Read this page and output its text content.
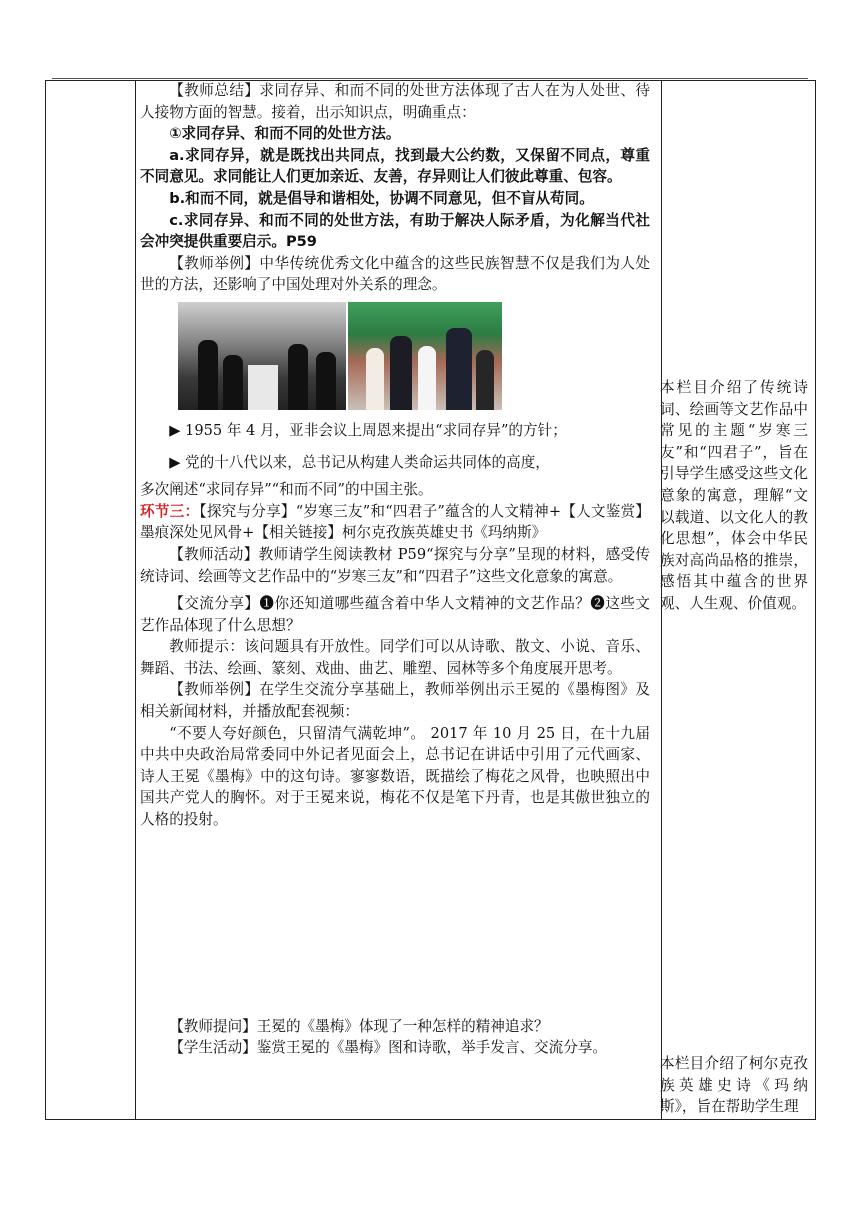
【教师总结】求同存异、和而不同的处世方法体现了古人在为人处世、待人接物方面的智慧。接着，出示知识点，明确重点：

①求同存异、和而不同的处世方法。

a.求同存异，就是既找出共同点，找到最大公约数，又保留不同点，尊重不同意见。求同能让人们更加亲近、友善，存异则让人们彼此尊重、包容。

b.和而不同，就是倡导和谐相处，协调不同意见，但不盲从苟同。

c.求同存异、和而不同的处世方法，有助于解决人际矛盾，为化解当代社会冲突提供重要启示。P59

【教师举例】中华传统优秀文化中蕴含的这些民族智慧不仅是我们为人处世的方法，还影响了中国处理对外关系的理念。

▶ 1955 年 4 月，亚非会议上周恩来提出“求同存异”的方针；

▶ 党的十八代以来，总书记从构建人类命运共同体的高度，

多次阐述“求同存异”“和而不同”的中国主张。

环节三：【探究与分享】“岁寒三友”和“四君子”蕴含的人文精神+【人文鉴赏】墨痕深处见风骨+【相关链接】柯尔克孜族英雄史书《玛纳斯》

【教师活动】教师请学生阅读教材 P59“探究与分享”呈现的材料，感受传统诗词、绘画等文艺作品中的“岁寒三友”和“四君子”这些文化意象的寓意。

【交流分享】❶你还知道哪些蕴含着中华人文精神的文艺作品？❷这些文艺作品体现了什么思想？

教师提示：该问题具有开放性。同学们可以从诗歌、散文、小说、音乐、舞蹈、书法、绘画、篆刻、戏曲、曲艺、雕塑、园林等多个角度展开思考。

【教师举例】在学生交流分享基础上，教师举例出示王冕的《墨梅图》及相关新闻材料，并播放配套视频：

“不要人夸好颜色，只留清气满乾坤”。 2017 年 10 月 25 日，在十九届中共中央政治局常委同中外记者见面会上，总书记在讲话中引用了元代画家、诗人王冕《墨梅》中的这句诗。寥寥数语，既描绘了梅花之风骨，也映照出中国共产党人的胸怀。对于王冕来说，梅花不仅是笔下丹青，也是其傲世独立的人格的投射。

【教师提问】王冕的《墨梅》体现了一种怎样的精神追求？

【学生活动】鉴赏王冕的《墨梅》图和诗歌，举手发言、交流分享。

本栏目介绍了传统诗词、绘画等文艺作品中常见的主题“岁寒三友”和“四君子”，旨在引导学生感受这些文化意象的寓意，理解“文以载道、以文化人的教化思想”，体会中华民族对高尚品格的推崇，感悟其中蕴含的世界观、人生观、价值观。
本栏目介绍了柯尔克孜族英雄史诗《玛纳斯》，旨在帮助学生理
